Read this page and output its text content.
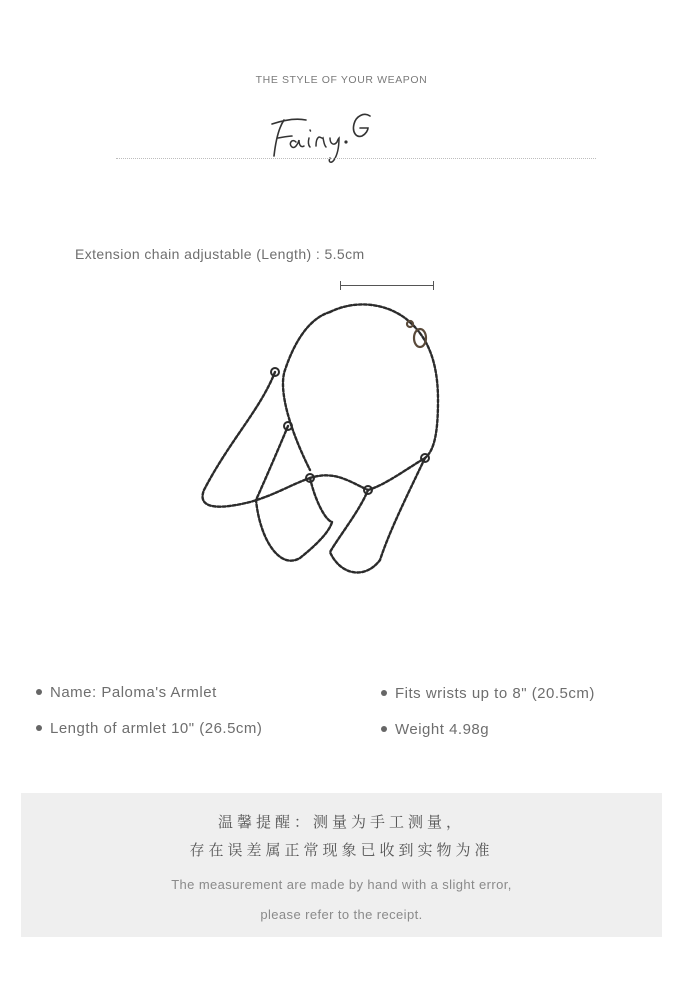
THE STYLE OF YOUR WEAPON
Extension chain adjustable (Length) : 5.5cm
Name: Paloma's Armlet
Length of armlet 10" (26.5cm)
Fits wrists up to 8" (20.5cm)
Weight 4.98g
温馨提醒：测量为手工测量，
存在误差属正常现象已收到实物为准
The measurement are made by hand with a slight error,
please refer to the receipt.
